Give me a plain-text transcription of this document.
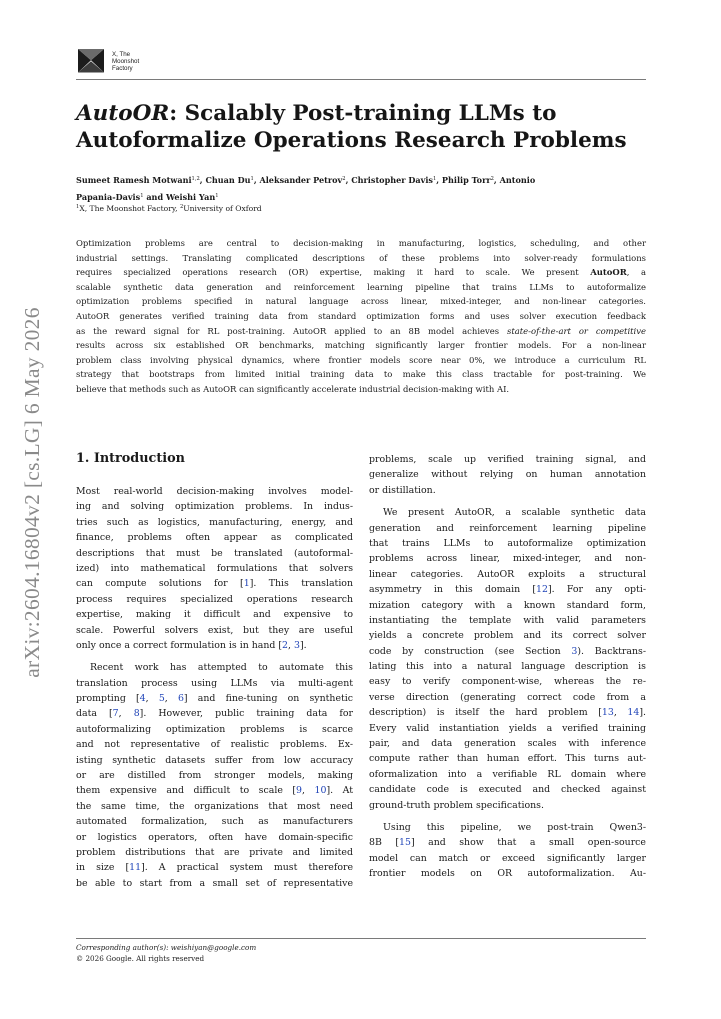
X, The
Moonshot
Factory
arXiv:2604.16804v2 [cs.LG] 6 May 2026
AutoOR: Scalably Post-training LLMs to
Autoformalize Operations Research Problems
Sumeet Ramesh Motwani$^{1,2}$, Chuan Du$^1$, Aleksander Petrov$^2$, Christopher Davis$^1$, Philip Torr$^2$, Antonio
Papania-Davis$^1$ and Weishi Yan$^1$
$^1$X, The Moonshot Factory, $^2$University of Oxford
Optimization problems are central to decision-making in manufacturing, logistics, scheduling, and other
industrial settings. Translating complicated descriptions of these problems into solver-ready formulations
requires specialized operations research (OR) expertise, making it hard to scale. We present AutoOR, a
scalable synthetic data generation and reinforcement learning pipeline that trains LLMs to autoformalize
optimization problems specified in natural language across linear, mixed-integer, and non-linear categories.
AutoOR generates verified training data from standard optimization forms and uses solver execution feedback
as the reward signal for RL post-training. AutoOR applied to an 8B model achieves state-of-the-art or competitive
results across six established OR benchmarks, matching significantly larger frontier models. For a non-linear
problem class involving physical dynamics, where frontier models score near 0%, we introduce a curriculum RL
strategy that bootstraps from limited initial training data to make this class tractable for post-training. We
believe that methods such as AutoOR can significantly accelerate industrial decision-making with AI.
1. Introduction
Most real-world decision-making involves model-
ing and solving optimization problems. In indus-
tries such as logistics, manufacturing, energy, and
finance, problems often appear as complicated
descriptions that must be translated (autoformal-
ized) into mathematical formulations that solvers
can compute solutions for [1]. This translation
process requires specialized operations research
expertise, making it difficult and expensive to
scale. Powerful solvers exist, but they are useful
only once a correct formulation is in hand [2, 3].
Recent work has attempted to automate this
translation process using LLMs via multi-agent
prompting [4, 5, 6] and fine-tuning on synthetic
data [7, 8]. However, public training data for
autoformalizing optimization problems is scarce
and not representative of realistic problems. Ex-
isting synthetic datasets suffer from low accuracy
or are distilled from stronger models, making
them expensive and difficult to scale [9, 10]. At
the same time, the organizations that most need
automated formalization, such as manufacturers
or logistics operators, often have domain-specific
problem distributions that are private and limited
in size [11]. A practical system must therefore
be able to start from a small set of representative
problems, scale up verified training signal, and
generalize without relying on human annotation
or distillation.
We present AutoOR, a scalable synthetic data
generation and reinforcement learning pipeline
that trains LLMs to autoformalize optimization
problems across linear, mixed-integer, and non-
linear categories. AutoOR exploits a structural
asymmetry in this domain [12]. For any opti-
mization category with a known standard form,
instantiating the template with valid parameters
yields a concrete problem and its correct solver
code by construction (see Section 3). Backtrans-
lating this into a natural language description is
easy to verify component-wise, whereas the re-
verse direction (generating correct code from a
description) is itself the hard problem [13, 14].
Every valid instantiation yields a verified training
pair, and data generation scales with inference
compute rather than human effort. This turns aut-
oformalization into a verifiable RL domain where
candidate code is executed and checked against
ground-truth problem specifications.
Using this pipeline, we post-train Qwen3-
8B [15] and show that a small open-source
model can match or exceed significantly larger
frontier models on OR autoformalization. Au-
Corresponding author(s): weishiyan@google.com
© 2026 Google. All rights reserved
